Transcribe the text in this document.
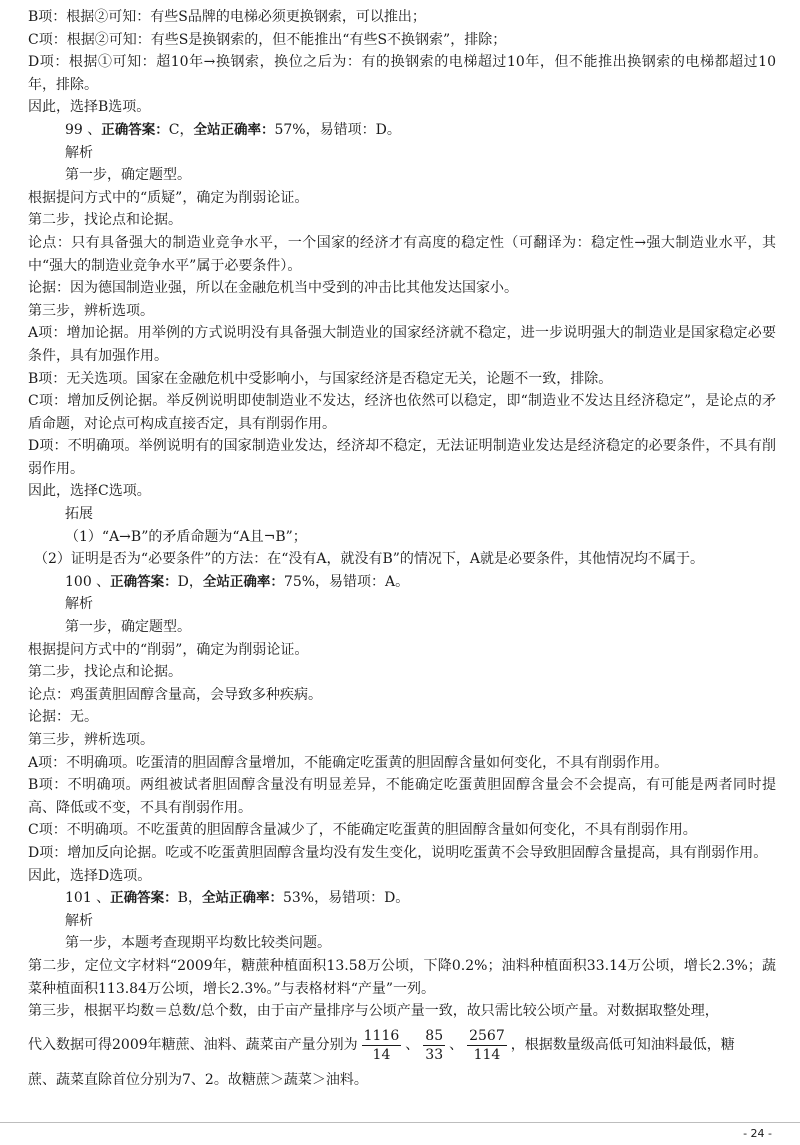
B项：根据②可知：有些S品牌的电梯必须更换钢索，可以推出；

C项：根据②可知：有些S是换钢索的，但不能推出“有些S不换钢索”，排除；

D项：根据①可知：超10年→换钢索，换位之后为：有的换钢索的电梯超过10年，但不能推出换钢索的电梯都超过10年，排除。

因此，选择B选项。

99 、正确答案：C，全站正确率：57%，易错项：D。

解析

第一步，确定题型。

根据提问方式中的“质疑”，确定为削弱论证。

第二步，找论点和论据。

论点：只有具备强大的制造业竞争水平，一个国家的经济才有高度的稳定性（可翻译为：稳定性→强大制造业水平，其中“强大的制造业竞争水平”属于必要条件）。

论据：因为德国制造业强，所以在金融危机当中受到的冲击比其他发达国家小。

第三步，辨析选项。

A项：增加论据。用举例的方式说明没有具备强大制造业的国家经济就不稳定，进一步说明强大的制造业是国家稳定必要条件，具有加强作用。

B项：无关选项。国家在金融危机中受影响小，与国家经济是否稳定无关，论题不一致，排除。

C项：增加反例论据。举反例说明即使制造业不发达，经济也依然可以稳定，即“制造业不发达且经济稳定”，是论点的矛盾命题，对论点可构成直接否定，具有削弱作用。

D项：不明确项。举例说明有的国家制造业发达，经济却不稳定，无法证明制造业发达是经济稳定的必要条件，不具有削弱作用。

因此，选择C选项。

拓展

（1）“A→B”的矛盾命题为“A且¬B”；

（2）证明是否为“必要条件”的方法：在“没有A，就没有B”的情况下，A就是必要条件，其他情况均不属于。

100 、正确答案：D，全站正确率：75%，易错项：A。

解析

第一步，确定题型。

根据提问方式中的“削弱”，确定为削弱论证。

第二步，找论点和论据。

论点：鸡蛋黄胆固醇含量高，会导致多种疾病。

论据：无。

第三步，辨析选项。

A项：不明确项。吃蛋清的胆固醇含量增加，不能确定吃蛋黄的胆固醇含量如何变化，不具有削弱作用。

B项：不明确项。两组被试者胆固醇含量没有明显差异，不能确定吃蛋黄胆固醇含量会不会提高，有可能是两者同时提高、降低或不变，不具有削弱作用。

C项：不明确项。不吃蛋黄的胆固醇含量减少了，不能确定吃蛋黄的胆固醇含量如何变化，不具有削弱作用。

D项：增加反向论据。吃或不吃蛋黄胆固醇含量均没有发生变化，说明吃蛋黄不会导致胆固醇含量提高，具有削弱作用。

因此，选择D选项。

101 、正确答案：B，全站正确率：53%，易错项：D。

解析

第一步，本题考查现期平均数比较类问题。

第二步，定位文字材料“2009年，糖蔗种植面积13.58万公顷，下降0.2%；油料种植面积33.14万公顷，增长2.3%；蔬菜种植面积113.84万公顷，增长2.3%。”与表格材料“产量”一列。

第三步，根据平均数＝总数/总个数，由于亩产量排序与公顷产量一致，故只需比较公顷产量。对数据取整处理，

代入数据可得2009年糖蔗、油料、蔬菜亩产量分别为 $\frac{1116}{14}$ 、 $\frac{85}{33}$ 、 $\frac{2567}{114}$ ，根据数量级高低可知油料最低，糖

蔗、蔬菜直除首位分别为7、2。故糖蔗＞蔬菜＞油料。

- 24 -
